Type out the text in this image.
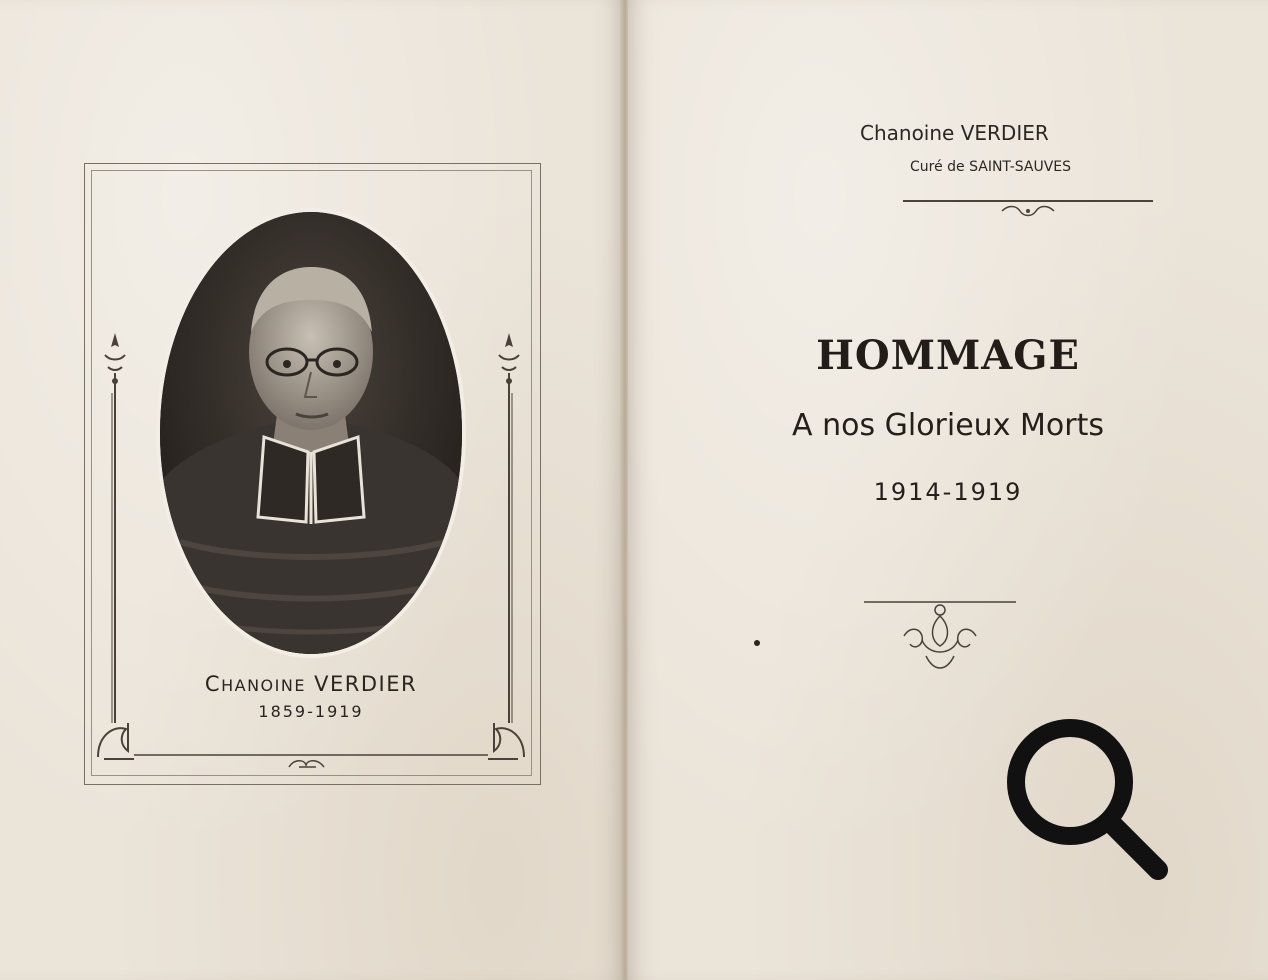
CHANOINE VERDIER
1859-1919
Chanoine VERDIER
Curé de SAINT-SAUVES
HOMMAGE
A nos Glorieux Morts
1914-1919
